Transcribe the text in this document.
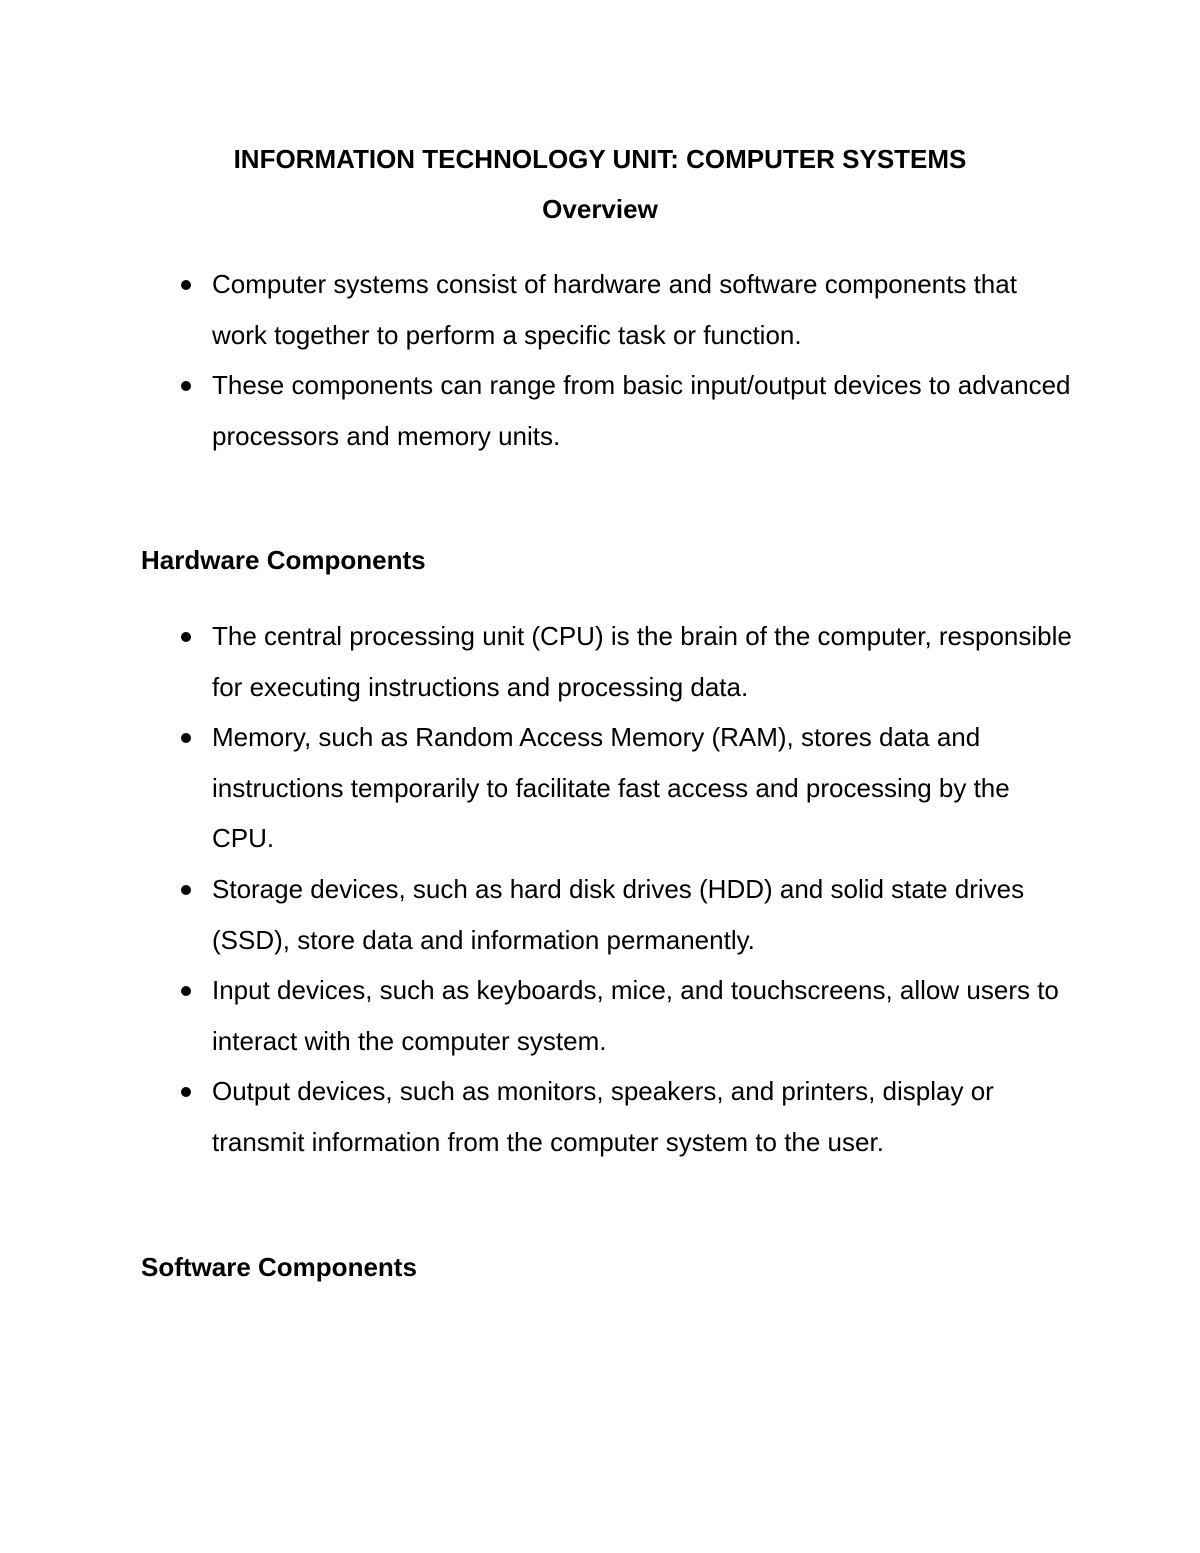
INFORMATION TECHNOLOGY UNIT: COMPUTER SYSTEMS
Overview
Computer systems consist of hardware and software components that work together to perform a specific task or function.
These components can range from basic input/output devices to advanced processors and memory units.
Hardware Components
The central processing unit (CPU) is the brain of the computer, responsible for executing instructions and processing data.
Memory, such as Random Access Memory (RAM), stores data and instructions temporarily to facilitate fast access and processing by the CPU.
Storage devices, such as hard disk drives (HDD) and solid state drives (SSD), store data and information permanently.
Input devices, such as keyboards, mice, and touchscreens, allow users to interact with the computer system.
Output devices, such as monitors, speakers, and printers, display or transmit information from the computer system to the user.
Software Components
